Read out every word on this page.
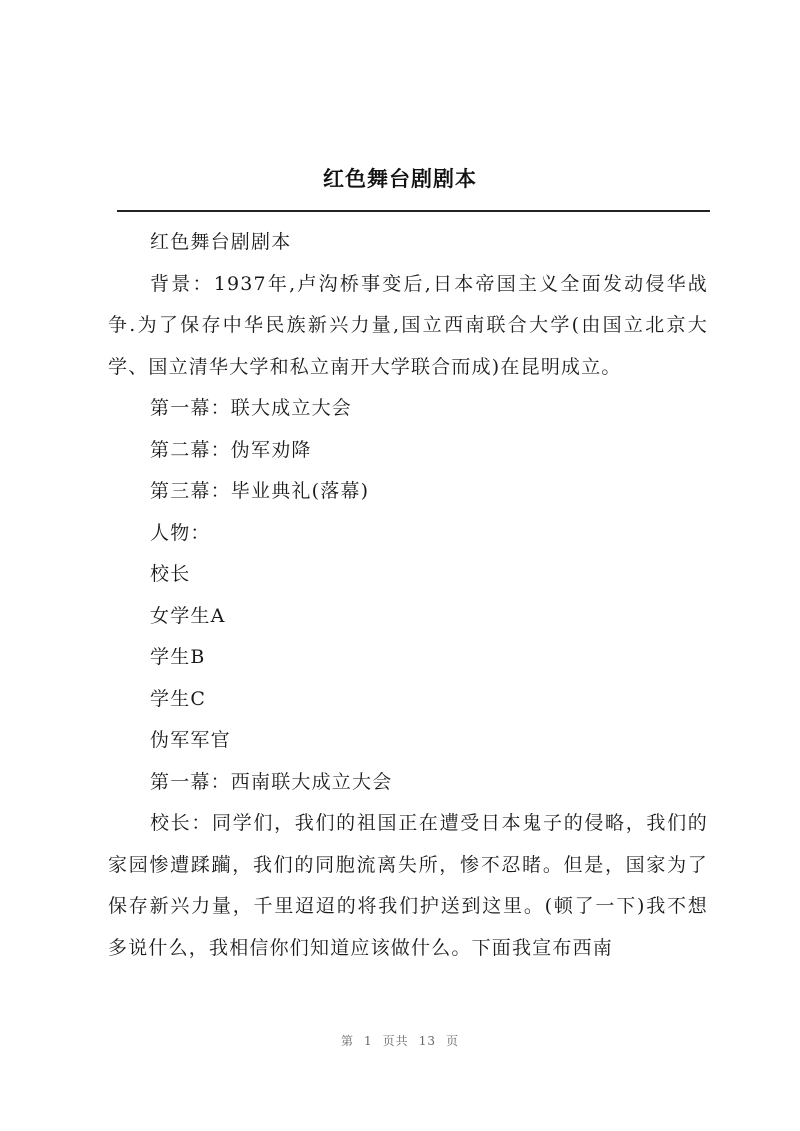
红色舞台剧剧本

红色舞台剧剧本

背景：1937年,卢沟桥事变后,日本帝国主义全面发动侵华战争.为了保存中华民族新兴力量,国立西南联合大学(由国立北京大学、国立清华大学和私立南开大学联合而成)在昆明成立。

第一幕：联大成立大会

第二幕：伪军劝降

第三幕：毕业典礼(落幕)

人物：

校长

女学生A

学生B

学生C

伪军军官

第一幕：西南联大成立大会

校长：同学们，我们的祖国正在遭受日本鬼子的侵略，我们的家园惨遭蹂躏，我们的同胞流离失所，惨不忍睹。但是，国家为了保存新兴力量，千里迢迢的将我们护送到这里。(顿了一下)我不想多说什么，我相信你们知道应该做什么。下面我宣布西南

第 1 页共 13 页
